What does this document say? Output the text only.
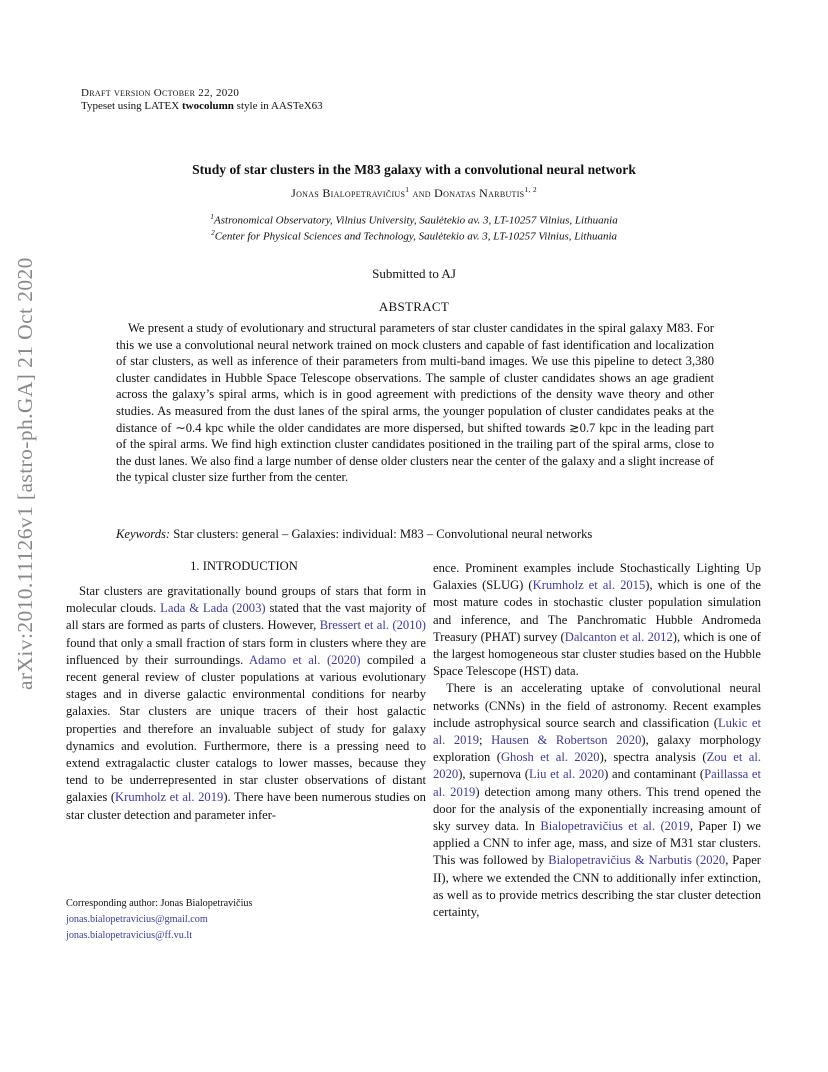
arXiv:2010.11126v1 [astro-ph.GA] 21 Oct 2020
Draft version October 22, 2020
Typeset using LATEX twocolumn style in AASTeX63
Study of star clusters in the M83 galaxy with a convolutional neural network
Jonas Bialopetravičius$^1$ and Donatas Narbutis$^{1, 2}$
$^1$Astronomical Observatory, Vilnius University, Saulėtekio av. 3, LT-10257 Vilnius, Lithuania
$^2$Center for Physical Sciences and Technology, Saulėtekio av. 3, LT-10257 Vilnius, Lithuania
Submitted to AJ
ABSTRACT
We present a study of evolutionary and structural parameters of star cluster candidates in the spiral galaxy M83. For this we use a convolutional neural network trained on mock clusters and capable of fast identification and localization of star clusters, as well as inference of their parameters from multi-band images. We use this pipeline to detect 3,380 cluster candidates in Hubble Space Telescope observations. The sample of cluster candidates shows an age gradient across the galaxy’s spiral arms, which is in good agreement with predictions of the density wave theory and other studies. As measured from the dust lanes of the spiral arms, the younger population of cluster candidates peaks at the distance of ∼0.4 kpc while the older candidates are more dispersed, but shifted towards ≳0.7 kpc in the leading part of the spiral arms. We find high extinction cluster candidates positioned in the trailing part of the spiral arms, close to the dust lanes. We also find a large number of dense older clusters near the center of the galaxy and a slight increase of the typical cluster size further from the center.
Keywords: Star clusters: general – Galaxies: individual: M83 – Convolutional neural networks
1. INTRODUCTION
Star clusters are gravitationally bound groups of stars that form in molecular clouds. Lada & Lada (2003) stated that the vast majority of all stars are formed as parts of clusters. However, Bressert et al. (2010) found that only a small fraction of stars form in clusters where they are influenced by their surroundings. Adamo et al. (2020) compiled a recent general review of cluster populations at various evolutionary stages and in diverse galactic environmental conditions for nearby galaxies. Star clusters are unique tracers of their host galactic properties and therefore an invaluable subject of study for galaxy dynamics and evolution. Furthermore, there is a pressing need to extend extragalactic cluster catalogs to lower masses, because they tend to be underrepresented in star cluster observations of distant galaxies (Krumholz et al. 2019). There have been numerous studies on star cluster detection and parameter infer-

ence. Prominent examples include Stochastically Lighting Up Galaxies (SLUG) (Krumholz et al. 2015), which is one of the most mature codes in stochastic cluster population simulation and inference, and The Panchromatic Hubble Andromeda Treasury (PHAT) survey (Dalcanton et al. 2012), which is one of the largest homogeneous star cluster studies based on the Hubble Space Telescope (HST) data.

There is an accelerating uptake of convolutional neural networks (CNNs) in the field of astronomy. Recent examples include astrophysical source search and classification (Lukic et al. 2019; Hausen & Robertson 2020), galaxy morphology exploration (Ghosh et al. 2020), spectra analysis (Zou et al. 2020), supernova (Liu et al. 2020) and contaminant (Paillassa et al. 2019) detection among many others. This trend opened the door for the analysis of the exponentially increasing amount of sky survey data. In Bialopetravičius et al. (2019, Paper I) we applied a CNN to infer age, mass, and size of M31 star clusters. This was followed by Bialopetravičius & Narbutis (2020, Paper II), where we extended the CNN to additionally infer extinction, as well as to provide metrics describing the star cluster detection certainty,

Corresponding author: Jonas Bialopetravičius
jonas.bialopetravicius@gmail.com
jonas.bialopetravicius@ff.vu.lt
